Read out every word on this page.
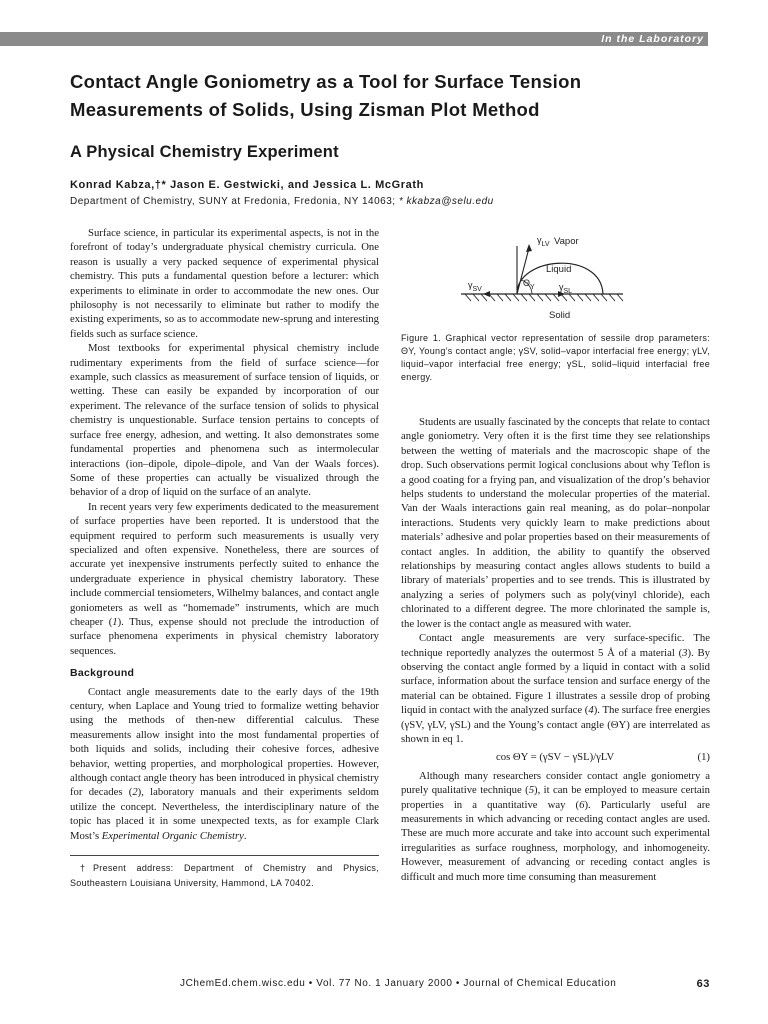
In the Laboratory
Contact Angle Goniometry as a Tool for Surface Tension
Measurements of Solids, Using Zisman Plot Method
A Physical Chemistry Experiment
Konrad Kabza,†* Jason E. Gestwicki, and Jessica L. McGrath
Department of Chemistry, SUNY at Fredonia, Fredonia, NY 14063; * kkabza@selu.edu

Surface science, in particular its experimental aspects, is not in the forefront of today’s undergraduate physical chemistry curricula. One reason is usually a very packed sequence of experimental physical chemistry. This puts a fundamental question before a lecturer: which experiments to eliminate in order to accommodate the new ones. Our philosophy is not necessarily to eliminate but rather to modify the existing experiments, so as to accommodate new-sprung and interesting fields such as surface science.

Most textbooks for experimental physical chemistry include rudimentary experiments from the field of surface science—for example, such classics as measurement of surface tension of liquids, or wetting. These can easily be expanded by incorporation of our experiment. The relevance of the surface tension of solids to physical chemistry is unquestionable. Surface tension pertains to concepts of surface free energy, adhesion, and wetting. It also demonstrates some fundamental properties and phenomena such as intermolecular interactions (ion–dipole, dipole–dipole, and Van der Waals forces). Some of these properties can actually be visualized through the behavior of a drop of liquid on the surface of an analyte.

In recent years very few experiments dedicated to the measurement of surface properties have been reported. It is understood that the equipment required to perform such measurements is usually very specialized and often expensive. Nonetheless, there are sources of accurate yet inexpensive instruments perfectly suited to enhance the undergraduate experience in physical chemistry laboratory. These include commercial tensiometers, Wilhelmy balances, and contact angle goniometers as well as “homemade” instruments, which are much cheaper (1). Thus, expense should not preclude the introduction of surface phenomena experiments in physical chemistry laboratory sequences.

Background

Contact angle measurements date to the early days of the 19th century, when Laplace and Young tried to formalize wetting behavior using the methods of then-new differential calculus. These measurements allow insight into the most fundamental properties of both liquids and solids, including their cohesive forces, adhesive behavior, wetting properties, and morphological properties. However, although contact angle theory has been introduced in physical chemistry for decades (2), laboratory manuals and their experiments seldom utilize the concept. Nevertheless, the interdisciplinary nature of the topic has placed it in some unexpected texts, as for example Clark Most’s Experimental Organic Chemistry.

†Present address: Department of Chemistry and Physics, Southeastern Louisiana University, Hammond, LA 70402.
$\gamma_{LV}$ Vapor
Liquid
$\gamma_{SV}$
$\Theta_Y$	$\gamma_{SL}$
Solid
Figure 1. Graphical vector representation of sessile drop parameters: ΘY, Young’s contact angle; γSV, solid–vapor interfacial free energy; γLV, liquid–vapor interfacial free energy; γSL, solid–liquid interfacial free energy.

Students are usually fascinated by the concepts that relate to contact angle goniometry. Very often it is the first time they see relationships between the wetting of materials and the macroscopic shape of the drop. Such observations permit logical conclusions about why Teflon is a good coating for a frying pan, and visualization of the drop’s behavior helps students to understand the molecular properties of the material. Van der Waals interactions gain real meaning, as do polar–nonpolar interactions. Students very quickly learn to make predictions about materials’ adhesive and polar properties based on their measurements of contact angles. In addition, the ability to quantify the observed relationships by measuring contact angles allows students to build a library of materials’ properties and to see trends. This is illustrated by analyzing a series of polymers such as poly(vinyl chloride), each chlorinated to a different degree. The more chlorinated the sample is, the lower is the contact angle as measured with water.

Contact angle measurements are very surface-specific. The technique reportedly analyzes the outermost 5 Å of a material (3). By observing the contact angle formed by a liquid in contact with a solid surface, information about the surface tension and surface energy of the material can be obtained. Figure 1 illustrates a sessile drop of probing liquid in contact with the analyzed surface (4). The surface free energies (γSV, γLV, γSL) and the Young’s contact angle (ΘY) are interrelated as shown in eq 1.

cos ΘY = (γSV − γSL)/γLV	(1)

Although many researchers consider contact angle goniometry a purely qualitative technique (5), it can be employed to measure certain properties in a quantitative way (6). Particularly useful are measurements in which advancing or receding contact angles are used. These are much more accurate and take into account such experimental irregularities as surface roughness, morphology, and inhomogeneity. However, measurement of advancing or receding contact angles is difficult and much more time consuming than measurement

JChemEd.chem.wisc.edu • Vol. 77 No. 1 January 2000 • Journal of Chemical Education	63
